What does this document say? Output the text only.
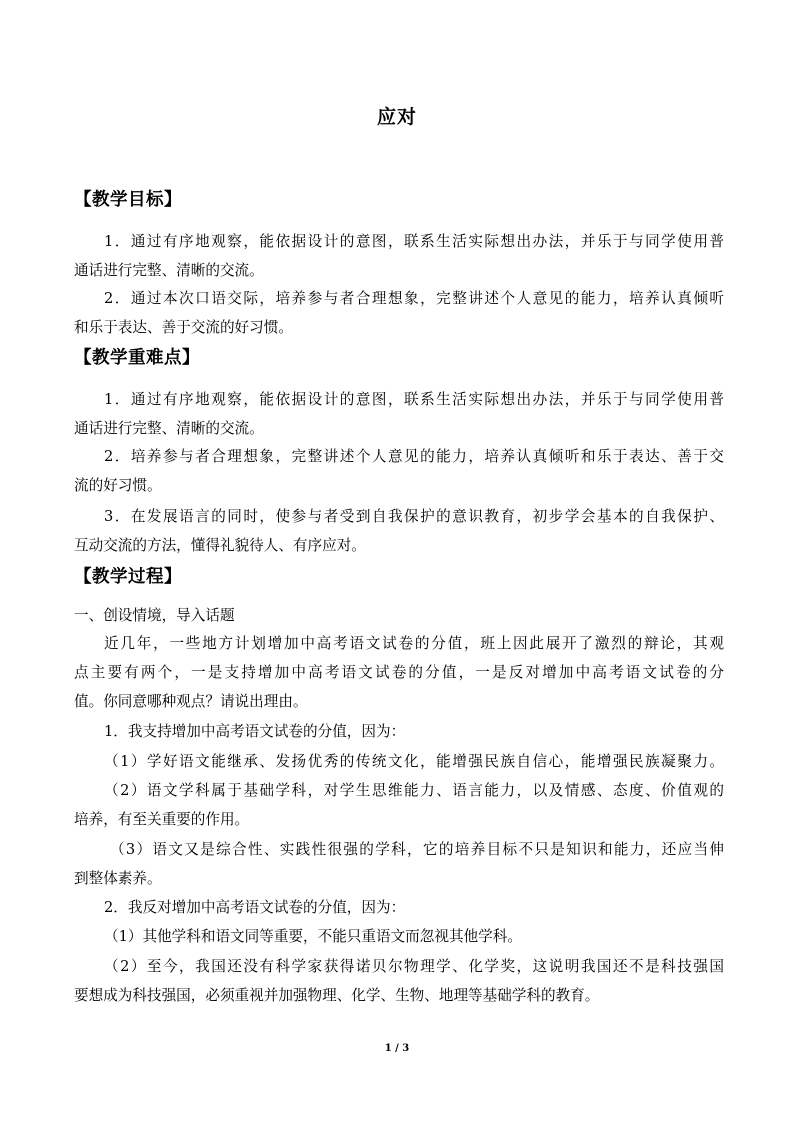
应对
【教学目标】
1．通过有序地观察，能依据设计的意图，联系生活实际想出办法，并乐于与同学使用普
通话进行完整、清晰的交流。
2．通过本次口语交际，培养参与者合理想象，完整讲述个人意见的能力，培养认真倾听
和乐于表达、善于交流的好习惯。
【教学重难点】
1．通过有序地观察，能依据设计的意图，联系生活实际想出办法，并乐于与同学使用普
通话进行完整、清晰的交流。
2．培养参与者合理想象，完整讲述个人意见的能力，培养认真倾听和乐于表达、善于交
流的好习惯。
3．在发展语言的同时，使参与者受到自我保护的意识教育，初步学会基本的自我保护、
互动交流的方法，懂得礼貌待人、有序应对。
【教学过程】
一、创设情境，导入话题
近几年，一些地方计划增加中高考语文试卷的分值，班上因此展开了激烈的辩论，其观
点主要有两个，一是支持增加中高考语文试卷的分值，一是反对增加中高考语文试卷的分
值。你同意哪种观点？请说出理由。
1．我支持增加中高考语文试卷的分值，因为：
（1）学好语文能继承、发扬优秀的传统文化，能增强民族自信心，能增强民族凝聚力。
（2）语文学科属于基础学科，对学生思维能力、语言能力，以及情感、态度、价值观的
培养，有至关重要的作用。
（3）语文又是综合性、实践性很强的学科，它的培养目标不只是知识和能力，还应当伸
到整体素养。
2．我反对增加中高考语文试卷的分值，因为：
（1）其他学科和语文同等重要，不能只重语文而忽视其他学科。
（2）至今，我国还没有科学家获得诺贝尔物理学、化学奖，这说明我国还不是科技强国
要想成为科技强国，必须重视并加强物理、化学、生物、地理等基础学科的教育。
1 / 3
